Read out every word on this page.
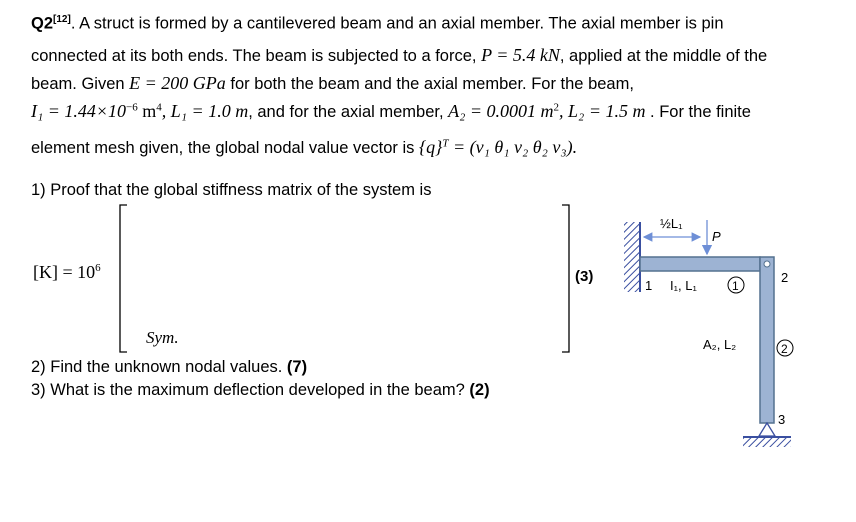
Q2[12]. A struct is formed by a cantilevered beam and an axial member. The axial member is pin
connected at its both ends. The beam is subjected to a force, P = 5.4 kN, applied at the middle of the
beam. Given E = 200 GPa for both the beam and the axial member. For the beam,
$I_1 = 1.44\times 10^{-6}$ $m^4$, L₁ = 1.0 m, and for the axial member, A₂ = 0.0001 $m^2$, L₂ = 1.5 m . For the finite
element mesh given, the global nodal value vector is $\{q\}^T = (v_1$ θ₁ v₂ θ₂ v₃).
1) Proof that the global stiffness matrix of the system is
$[K] = 10^6$
Sym.
(3)
2) Find the unknown nodal values. (7)
3) What is the maximum deflection developed in the beam? (2)
½L₁
P
1 I₁, L₁	1
2
A₂, L₂	2
3
